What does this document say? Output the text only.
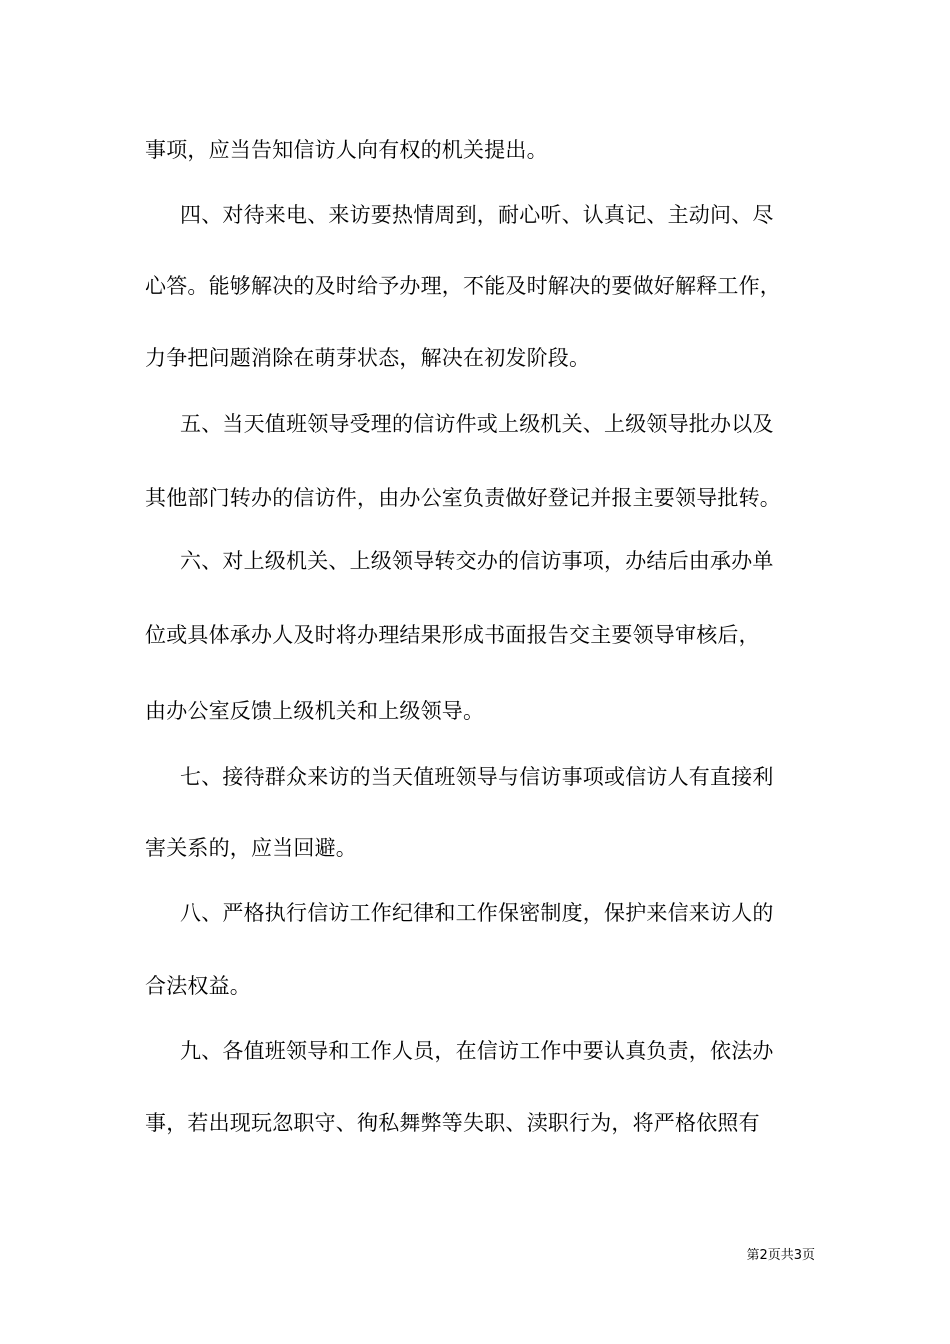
事项，应当告知信访人向有权的机关提出。
四、对待来电、来访要热情周到，耐心听、认真记、主动问、尽
心答。能够解决的及时给予办理，不能及时解决的要做好解释工作，
力争把问题消除在萌芽状态，解决在初发阶段。
五、当天值班领导受理的信访件或上级机关、上级领导批办以及
其他部门转办的信访件，由办公室负责做好登记并报主要领导批转。
六、对上级机关、上级领导转交办的信访事项，办结后由承办单
位或具体承办人及时将办理结果形成书面报告交主要领导审核后，
由办公室反馈上级机关和上级领导。
七、接待群众来访的当天值班领导与信访事项或信访人有直接利
害关系的，应当回避。
八、严格执行信访工作纪律和工作保密制度，保护来信来访人的
合法权益。
九、各值班领导和工作人员，在信访工作中要认真负责，依法办
事，若出现玩忽职守、徇私舞弊等失职、渎职行为，将严格依照有
第2页共3页
